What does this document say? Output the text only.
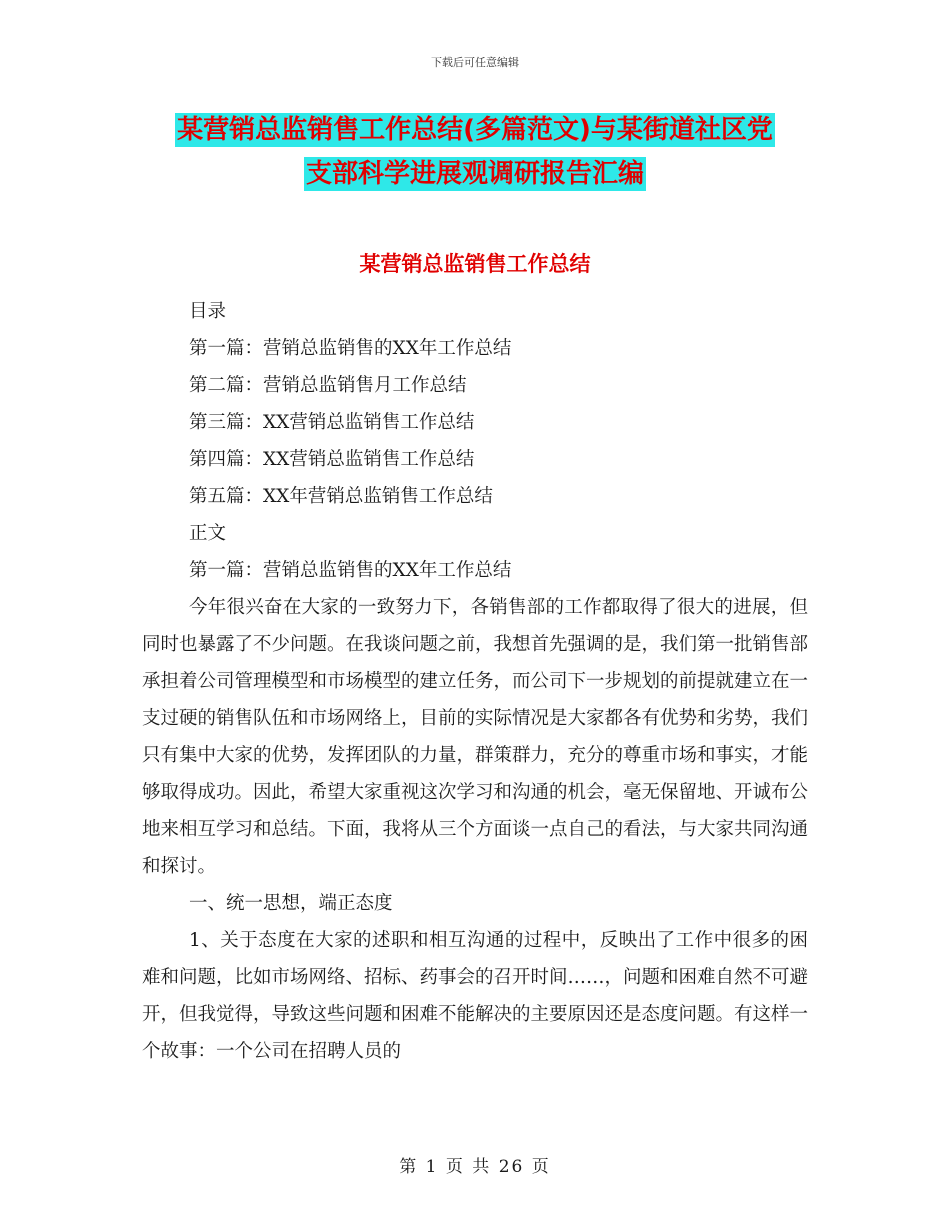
下载后可任意编辑
某营销总监销售工作总结(多篇范文)与某街道社区党
支部科学进展观调研报告汇编
某营销总监销售工作总结
目录
第一篇：营销总监销售的XX年工作总结
第二篇：营销总监销售月工作总结
第三篇：XX营销总监销售工作总结
第四篇：XX营销总监销售工作总结
第五篇：XX年营销总监销售工作总结
正文
第一篇：营销总监销售的XX年工作总结
今年很兴奋在大家的一致努力下，各销售部的工作都取得了很大的进展，但同时也暴露了不少问题。在我谈问题之前，我想首先强调的是，我们第一批销售部承担着公司管理模型和市场模型的建立任务，而公司下一步规划的前提就建立在一支过硬的销售队伍和市场网络上，目前的实际情况是大家都各有优势和劣势，我们只有集中大家的优势，发挥团队的力量，群策群力，充分的尊重市场和事实，才能够取得成功。因此，希望大家重视这次学习和沟通的机会，毫无保留地、开诚布公地来相互学习和总结。下面，我将从三个方面谈一点自己的看法，与大家共同沟通和探讨。
一、统一思想，端正态度
1、关于态度在大家的述职和相互沟通的过程中，反映出了工作中很多的困难和问题，比如市场网络、招标、药事会的召开时间……，问题和困难自然不可避开，但我觉得，导致这些问题和困难不能解决的主要原因还是态度问题。有这样一个故事：一个公司在招聘人员的
第 1 页 共 26 页
